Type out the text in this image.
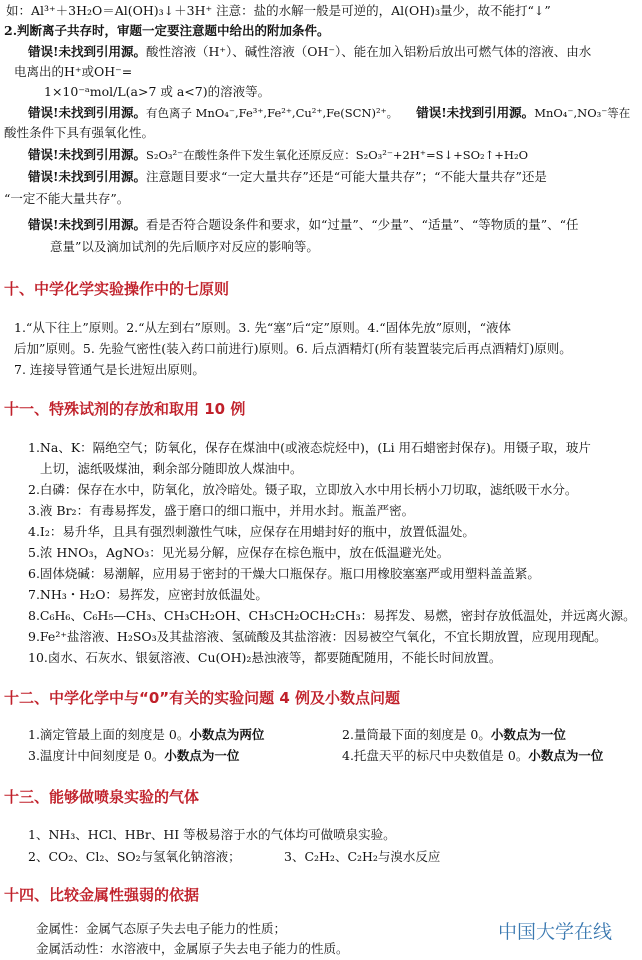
如：Al³⁺＋3H₂O＝Al(OH)₃↓＋3H⁺ 注意：盐的水解一般是可逆的，Al(OH)₃量少，故不能打“↓”
2.判断离子共存时，审题一定要注意题中给出的附加条件。
错误!未找到引用源。酸性溶液（H⁺）、碱性溶液（OH⁻）、能在加入铝粉后放出可燃气体的溶液、由水
电离出的H⁺或OH⁻=
1×10⁻ᵃmol/L(a>7 或 a<7)的溶液等。
错误!未找到引用源。有色离子 MnO₄⁻,Fe³⁺,Fe²⁺,Cu²⁺,Fe(SCN)²⁺。 错误!未找到引用源。MnO₄⁻,NO₃⁻等在
酸性条件下具有强氧化性。
错误!未找到引用源。S₂O₃²⁻在酸性条件下发生氧化还原反应：S₂O₃²⁻+2H⁺=S↓+SO₂↑+H₂O
错误!未找到引用源。注意题目要求“一定大量共存”还是“可能大量共存”；“不能大量共存”还是
“一定不能大量共存”。
错误!未找到引用源。看是否符合题设条件和要求，如“过量”、“少量”、“适量”、“等物质的量”、“任
意量”以及滴加试剂的先后顺序对反应的影响等。
十、中学化学实验操作中的七原则
1.“从下往上”原则。2.“从左到右”原则。3. 先“塞”后“定”原则。4.“固体先放”原则，“液体
后加”原则。5. 先验气密性(装入药口前进行)原则。6. 后点酒精灯(所有装置装完后再点酒精灯)原则。
7. 连接导管通气是长进短出原则。
十一、特殊试剂的存放和取用 10 例
1.Na、K：隔绝空气；防氧化，保存在煤油中(或液态烷烃中)，(Li 用石蜡密封保存)。用镊子取，玻片
上切，滤纸吸煤油，剩余部分随即放人煤油中。
2.白磷：保存在水中，防氧化，放冷暗处。镊子取，立即放入水中用长柄小刀切取，滤纸吸干水分。
3.液 Br₂：有毒易挥发，盛于磨口的细口瓶中，并用水封。瓶盖严密。
4.I₂：易升华，且具有强烈刺激性气味，应保存在用蜡封好的瓶中，放置低温处。
5.浓 HNO₃，AgNO₃：见光易分解，应保存在棕色瓶中，放在低温避光处。
6.固体烧碱：易潮解，应用易于密封的干燥大口瓶保存。瓶口用橡胶塞塞严或用塑料盖盖紧。
7.NH₃・H₂O：易挥发，应密封放低温处。
8.C₆H₆、C₆H₅—CH₃、CH₃CH₂OH、CH₃CH₂OCH₂CH₃：易挥发、易燃，密封存放低温处，并远离火源。
9.Fe²⁺盐溶液、H₂SO₃及其盐溶液、氢硫酸及其盐溶液：因易被空气氧化，不宜长期放置，应现用现配。
10.卤水、石灰水、银氨溶液、Cu(OH)₂悬浊液等，都要随配随用，不能长时间放置。
十二、中学化学中与“0”有关的实验问题 4 例及小数点问题
1.滴定管最上面的刻度是 0。小数点为两位	2.量筒最下面的刻度是 0。小数点为一位
3.温度计中间刻度是 0。小数点为一位	4.托盘天平的标尺中央数值是 0。小数点为一位
十三、能够做喷泉实验的气体
1、NH₃、HCl、HBr、HI 等极易溶于水的气体均可做喷泉实验。
2、CO₂、Cl₂、SO₂与氢氧化钠溶液；	3、C₂H₂、C₂H₂与溴水反应
十四、比较金属性强弱的依据
金属性：金属气态原子失去电子能力的性质；
金属活动性：水溶液中，金属原子失去电子能力的性质。
中国大学在线
